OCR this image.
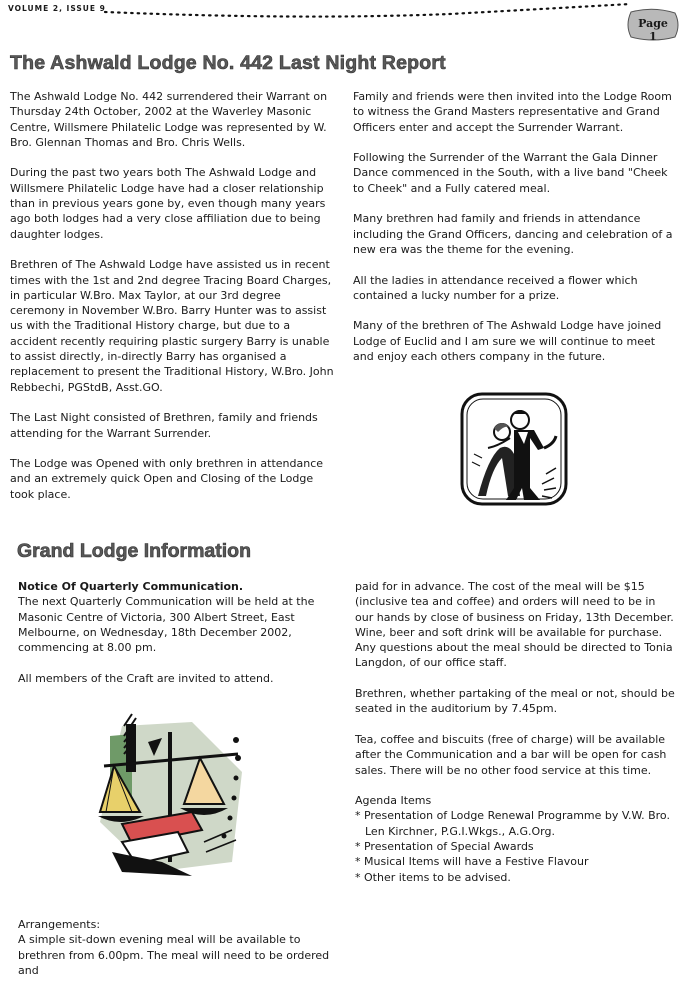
VOLUME 2, ISSUE 9
Page 1
The Ashwald Lodge No. 442 Last Night Report

The Ashwald Lodge No. 442 surrendered their Warrant on Thursday 24th October, 2002 at the Waverley Masonic Centre, Willsmere Philatelic Lodge was represented by W. Bro. Glennan Thomas and Bro. Chris Wells.

During the past two years both The Ashwald Lodge and Willsmere Philatelic Lodge have had a closer relationship than in previous years gone by, even though many years ago both lodges had a very close affiliation due to being daughter lodges.

Brethren of The Ashwald Lodge have assisted us in recent times with the 1st and 2nd degree Tracing Board Charges, in particular W.Bro. Max Taylor, at our 3rd degree ceremony in November W.Bro. Barry Hunter was to assist us with the Traditional History charge, but due to a accident recently requiring plastic surgery Barry is unable to assist directly, in-directly Barry has organised a replacement to present the Traditional History, W.Bro. John Rebbechi, PGStdB, Asst.GO.

The Last Night consisted of Brethren, family and friends attending for the Warrant Surrender.

The Lodge was Opened with only brethren in attendance and an extremely quick Open and Closing of the Lodge took place.

Family and friends were then invited into the Lodge Room to witness the Grand Masters representative and Grand Officers enter and accept the Surrender Warrant.

Following the Surrender of the Warrant the Gala Dinner Dance commenced in the South, with a live band "Cheek to Cheek" and a Fully catered meal.

Many brethren had family and friends in attendance including the Grand Officers, dancing and celebration of a new era was the theme for the evening.

All the ladies in attendance received a flower which contained a lucky number for a prize.

Many of the brethren of The Ashwald Lodge have joined Lodge of Euclid and I am sure we will continue to meet and enjoy each others company in the future.

Grand Lodge Information
Notice Of Quarterly Communication.

The next Quarterly Communication will be held at the Masonic Centre of Victoria, 300 Albert Street, East Melbourne, on Wednesday, 18th December 2002, commencing at 8.00 pm.

All members of the Craft are invited to attend.

Arrangements:

A simple sit-down evening meal will be available to brethren from 6.00pm. The meal will need to be ordered and

paid for in advance. The cost of the meal will be $15 (inclusive tea and coffee) and orders will need to be in our hands by close of business on Friday, 13th December. Wine, beer and soft drink will be available for purchase. Any questions about the meal should be directed to Tonia Langdon, of our office staff.

Brethren, whether partaking of the meal or not, should be seated in the auditorium by 7.45pm.

Tea, coffee and biscuits (free of charge) will be available after the Communication and a bar will be open for cash sales. There will be no other food service at this time.

Agenda Items
* Presentation of Lodge Renewal Programme by V.W. Bro. Len Kirchner, P.G.I.Wkgs., A.G.Org.
* Presentation of Special Awards
* Musical Items will have a Festive Flavour
* Other items to be advised.
